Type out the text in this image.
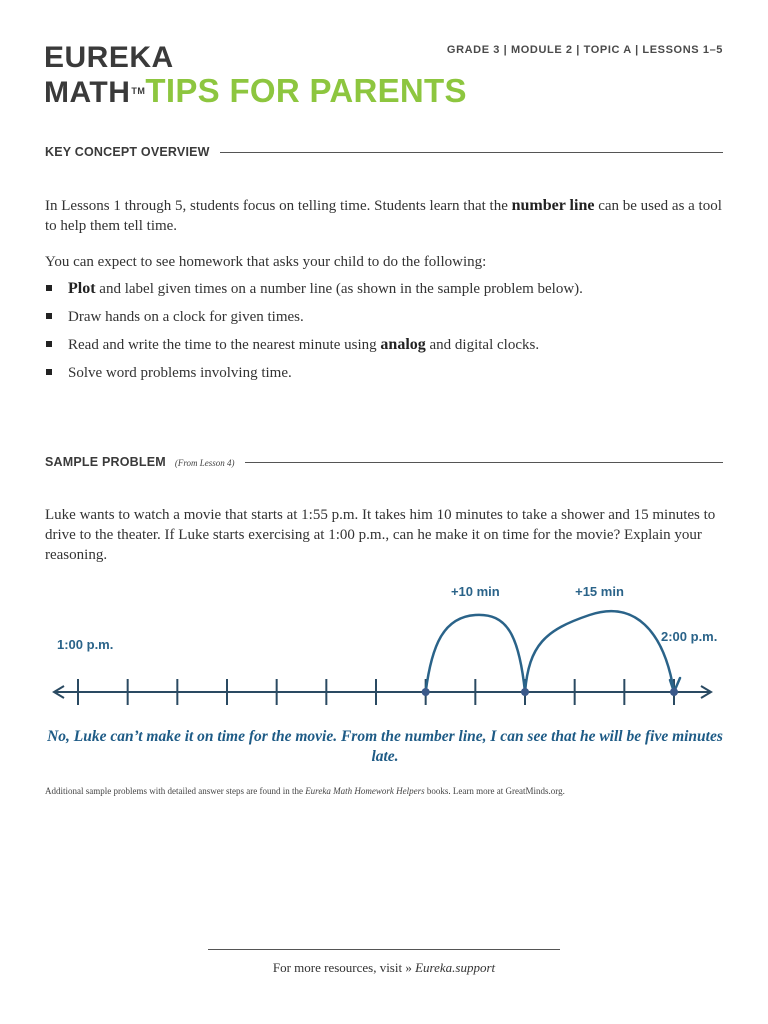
EUREKA
MATH™TIPS FOR PARENTS
GRADE 3 | MODULE 2 | TOPIC A | LESSONS 1–5
KEY CONCEPT OVERVIEW
In Lessons 1 through 5, students focus on telling time. Students learn that the number line can be used as a tool to help them tell time.
You can expect to see homework that asks your child to do the following:
Plot and label given times on a number line (as shown in the sample problem below).
Draw hands on a clock for given times.
Read and write the time to the nearest minute using analog and digital clocks.
Solve word problems involving time.
SAMPLE PROBLEM (From Lesson 4)
Luke wants to watch a movie that starts at 1:55 p.m. It takes him 10 minutes to take a shower and 15 minutes to drive to the theater. If Luke starts exercising at 1:00 p.m., can he make it on time for the movie? Explain your reasoning.
1:00 p.m.
2:00 p.m.
+10 min	+15 min
No, Luke can’t make it on time for the movie. From the number line, I can see that he will be five minutes late.
Additional sample problems with detailed answer steps are found in the Eureka Math Homework Helpers books. Learn more at GreatMinds.org.
For more resources, visit » Eureka.support
